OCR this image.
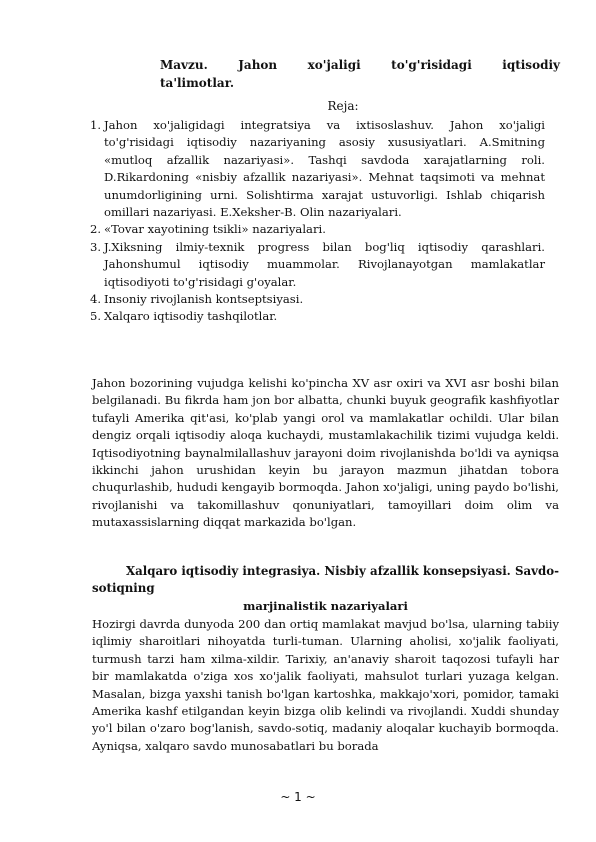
Mavzu. Jahon xo'jaligi to'g'risidagi iqtisodiy
ta'limotlar.
Reja:
1. Jahon xo'jaligidagi integratsiya va ixtisoslashuv. Jahon xo'jaligi to'g'risidagi iqtisodiy nazariyaning asosiy xususiyatlari. A.Smitning «mutloq afzallik nazariyasi». Tashqi savdoda xarajatlarning roli. D.Rikardoning «nisbiy afzallik nazariyasi». Mehnat taqsimoti va mehnat unumdorligining urni. Solishtirma xarajat ustuvorligi. Ishlab chiqarish omillari nazariyasi. E.Xeksher-B. Olin nazariyalari.
2. «Tovar xayotining tsikli» nazariyalari.
3. J.Xiksning ilmiy-texnik progress bilan bog'liq iqtisodiy qarashlari. Jahonshumul iqtisodiy muammolar. Rivojlanayotgan mamlakatlar iqtisodiyoti to'g'risidagi g'oyalar.
4. Insoniy rivojlanish kontseptsiyasi.
5. Xalqaro iqtisodiy tashqilotlar.

Jahon bozorining vujudga kelishi ko'pincha XV asr oxiri va XVI asr boshi bilan belgilanadi. Bu fikrda ham jon bor albatta, chunki buyuk geografik kashfiyotlar tufayli Amerika qit'asi, ko'plab yangi orol va mamlakatlar ochildi. Ular bilan dengiz orqali iqtisodiy aloqa kuchaydi, mustamlakachilik tizimi vujudga keldi. Iqtisodiyotning baynalmilallashuv jarayoni doim rivojlanishda bo'ldi va ayniqsa ikkinchi jahon urushidan keyin bu jarayon mazmun jihatdan tobora chuqurlashib, hududi kengayib bormoqda. Jahon xo'jaligi, uning paydo bo'lishi, rivojlanishi va takomillashuv qonuniyatlari, tamoyillari doim olim va mutaxassislarning diqqat markazida bo'lgan.

Xalqaro iqtisodiy integrasiya. Nisbiy afzallik konsepsiyasi. Savdo-sotiqning
marjinalistik nazariyalari

Hozirgi davrda dunyoda 200 dan ortiq mamlakat mavjud bo'lsa, ularning tabiiy iqlimiy sharoitlari nihoyatda turli-tuman. Ularning aholisi, xo'jalik faoliyati, turmush tarzi ham xilma-xildir. Tarixiy, an'anaviy sharoit taqozosi tufayli har bir mamlakatda o'ziga xos xo'jalik faoliyati, mahsulot turlari yuzaga kelgan. Masalan, bizga yaxshi tanish bo'lgan kartoshka, makkajo'xori, pomidor, tamaki Amerika kashf etilgandan keyin bizga olib kelindi va rivojlandi. Xuddi shunday yo'l bilan o'zaro bog'lanish, savdo-sotiq, madaniy aloqalar kuchayib bormoqda. Ayniqsa, xalqaro savdo munosabatlari bu borada

~ 1 ~
